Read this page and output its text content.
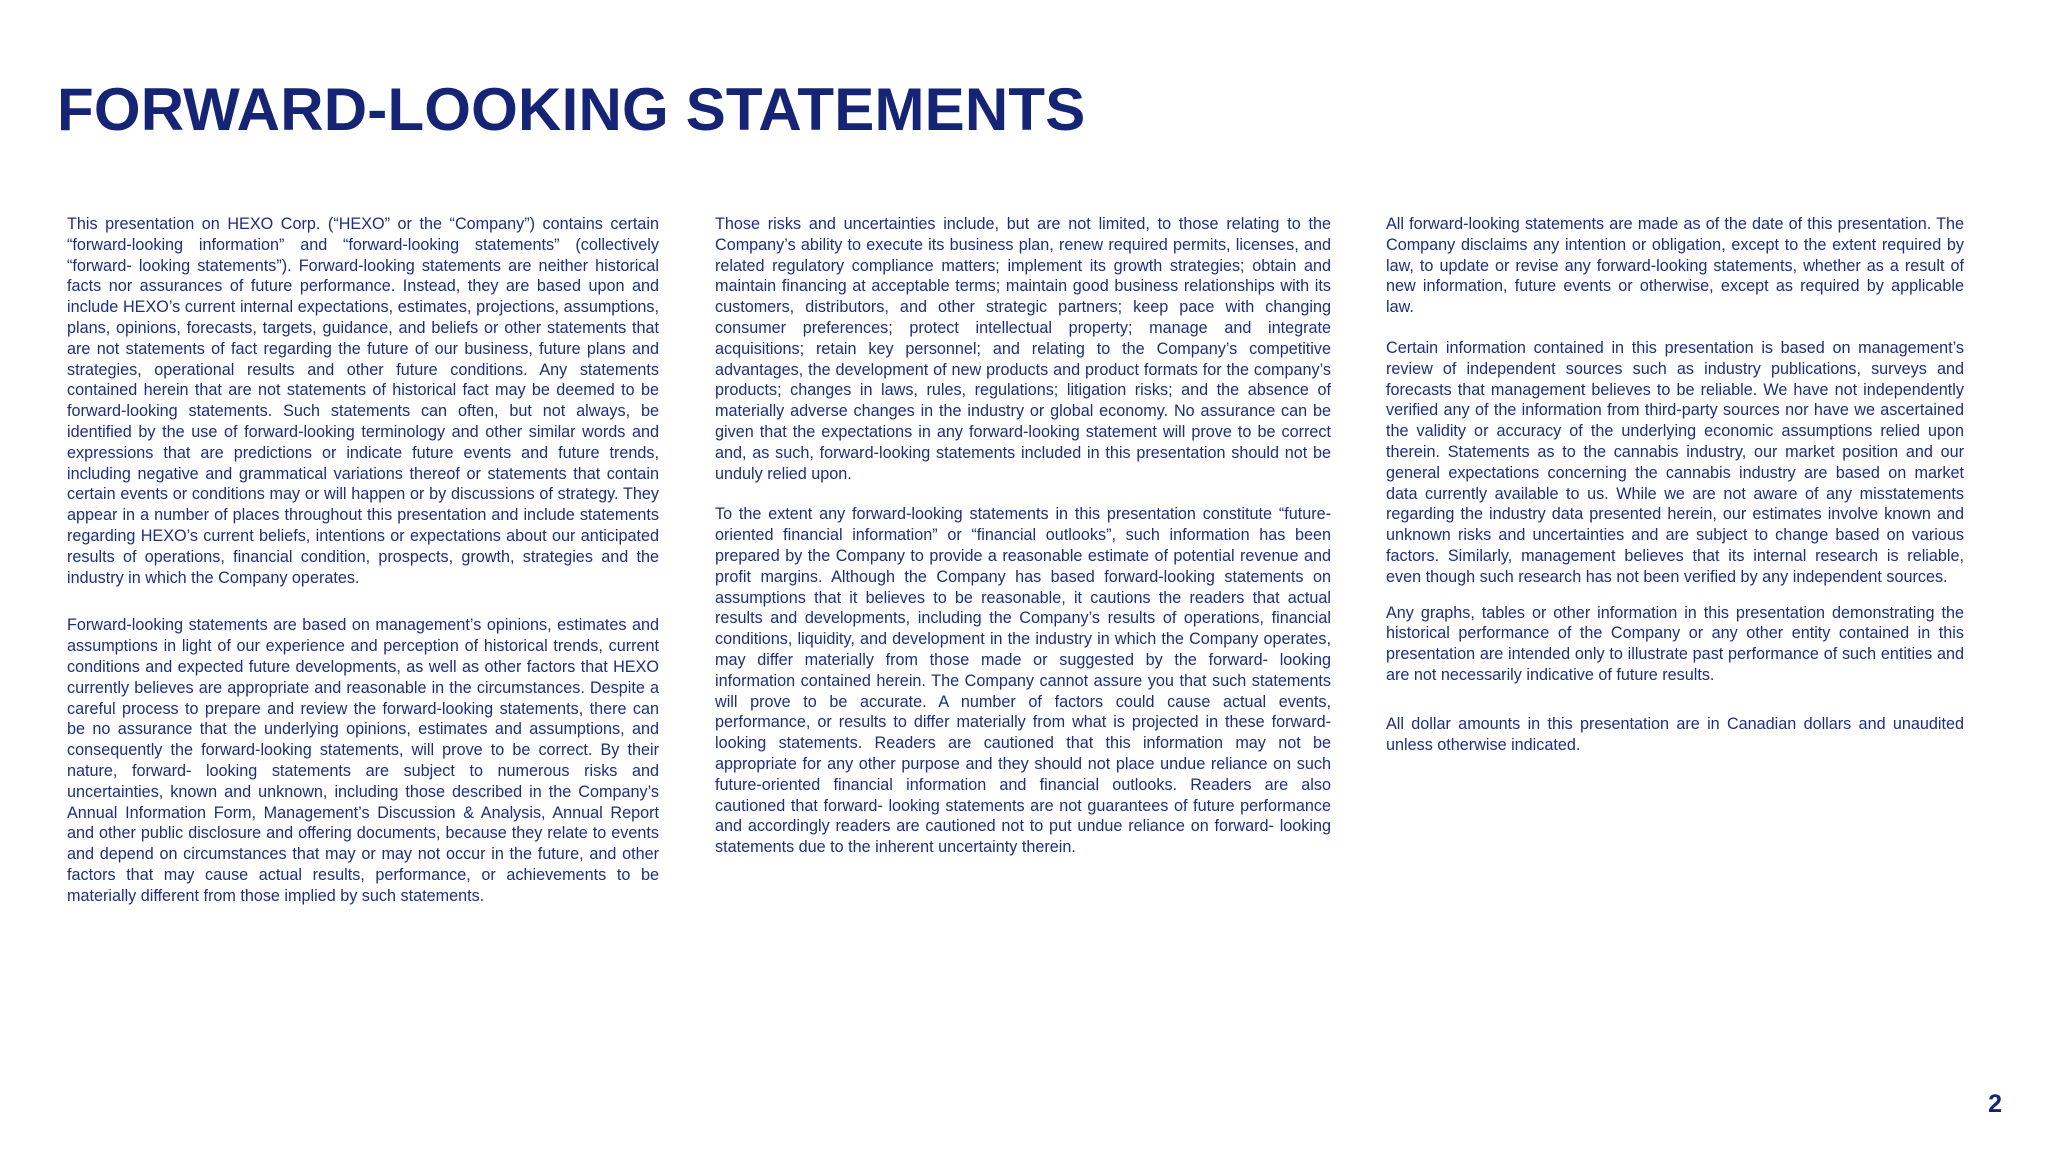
FORWARD-LOOKING STATEMENTS

This presentation on HEXO Corp. (“HEXO” or the “Company”) contains certain “forward-looking information” and “forward-looking statements” (collectively “forward- looking statements”). Forward-looking statements are neither historical facts nor assurances of future performance. Instead, they are based upon and include HEXO’s current internal expectations, estimates, projections, assumptions, plans, opinions, forecasts, targets, guidance, and beliefs or other statements that are not statements of fact regarding the future of our business, future plans and strategies, operational results and other future conditions. Any statements contained herein that are not statements of historical fact may be deemed to be forward-looking statements. Such statements can often, but not always, be identified by the use of forward-looking terminology and other similar words and expressions that are predictions or indicate future events and future trends, including negative and grammatical variations thereof or statements that contain certain events or conditions may or will happen or by discussions of strategy. They appear in a number of places throughout this presentation and include statements regarding HEXO’s current beliefs, intentions or expectations about our anticipated results of operations, financial condition, prospects, growth, strategies and the industry in which the Company operates.

Forward-looking statements are based on management’s opinions, estimates and assumptions in light of our experience and perception of historical trends, current conditions and expected future developments, as well as other factors that HEXO currently believes are appropriate and reasonable in the circumstances. Despite a careful process to prepare and review the forward-looking statements, there can be no assurance that the underlying opinions, estimates and assumptions, and consequently the forward-looking statements, will prove to be correct. By their nature, forward- looking statements are subject to numerous risks and uncertainties, known and unknown, including those described in the Company’s Annual Information Form, Management’s Discussion & Analysis, Annual Report and other public disclosure and offering documents, because they relate to events and depend on circumstances that may or may not occur in the future, and other factors that may cause actual results, performance, or achievements to be materially different from those implied by such statements.

Those risks and uncertainties include, but are not limited, to those relating to the Company’s ability to execute its business plan, renew required permits, licenses, and related regulatory compliance matters; implement its growth strategies; obtain and maintain financing at acceptable terms; maintain good business relationships with its customers, distributors, and other strategic partners; keep pace with changing consumer preferences; protect intellectual property; manage and integrate acquisitions; retain key personnel; and relating to the Company’s competitive advantages, the development of new products and product formats for the company’s products; changes in laws, rules, regulations; litigation risks; and the absence of materially adverse changes in the industry or global economy. No assurance can be given that the expectations in any forward-looking statement will prove to be correct and, as such, forward-looking statements included in this presentation should not be unduly relied upon.

To the extent any forward-looking statements in this presentation constitute “future-oriented financial information” or “financial outlooks”, such information has been prepared by the Company to provide a reasonable estimate of potential revenue and profit margins. Although the Company has based forward-looking statements on assumptions that it believes to be reasonable, it cautions the readers that actual results and developments, including the Company’s results of operations, financial conditions, liquidity, and development in the industry in which the Company operates, may differ materially from those made or suggested by the forward- looking information contained herein. The Company cannot assure you that such statements will prove to be accurate. A number of factors could cause actual events, performance, or results to differ materially from what is projected in these forward-looking statements. Readers are cautioned that this information may not be appropriate for any other purpose and they should not place undue reliance on such future-oriented financial information and financial outlooks. Readers are also cautioned that forward- looking statements are not guarantees of future performance and accordingly readers are cautioned not to put undue reliance on forward- looking statements due to the inherent uncertainty therein.

All forward-looking statements are made as of the date of this presentation. The Company disclaims any intention or obligation, except to the extent required by law, to update or revise any forward-looking statements, whether as a result of new information, future events or otherwise, except as required by applicable law.

Certain information contained in this presentation is based on management’s review of independent sources such as industry publications, surveys and forecasts that management believes to be reliable. We have not independently verified any of the information from third-party sources nor have we ascertained the validity or accuracy of the underlying economic assumptions relied upon therein. Statements as to the cannabis industry, our market position and our general expectations concerning the cannabis industry are based on market data currently available to us. While we are not aware of any misstatements regarding the industry data presented herein, our estimates involve known and unknown risks and uncertainties and are subject to change based on various factors. Similarly, management believes that its internal research is reliable, even though such research has not been verified by any independent sources.

Any graphs, tables or other information in this presentation demonstrating the historical performance of the Company or any other entity contained in this presentation are intended only to illustrate past performance of such entities and are not necessarily indicative of future results.

All dollar amounts in this presentation are in Canadian dollars and unaudited unless otherwise indicated.

2
